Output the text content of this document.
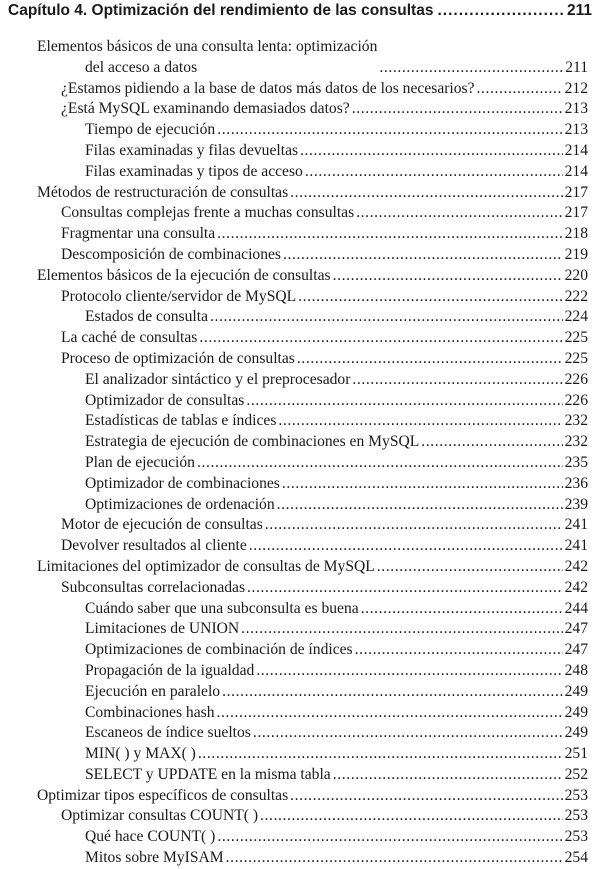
Capítulo 4. Optimización del rendimiento de las consultas .....	211
Elementos básicos de una consulta lenta: optimización
del acceso a datos .....	211
¿Estamos pidiendo a la base de datos más datos de los necesarios? .....	212
¿Está MySQL examinando demasiados datos? .....	213
Tiempo de ejecución .....	213
Filas examinadas y filas devueltas .....	214
Filas examinadas y tipos de acceso .....	214
Métodos de restructuración de consultas .....	217
Consultas complejas frente a muchas consultas .....	217
Fragmentar una consulta .....	218
Descomposición de combinaciones .....	219
Elementos básicos de la ejecución de consultas .....	220
Protocolo cliente/servidor de MySQL .....	222
Estados de consulta .....	224
La caché de consultas .....	225
Proceso de optimización de consultas .....	225
El analizador sintáctico y el preprocesador .....	226
Optimizador de consultas .....	226
Estadísticas de tablas e índices .....	232
Estrategia de ejecución de combinaciones en MySQL .....	232
Plan de ejecución .....	235
Optimizador de combinaciones .....	236
Optimizaciones de ordenación .....	239
Motor de ejecución de consultas .....	241
Devolver resultados al cliente .....	241
Limitaciones del optimizador de consultas de MySQL .....	242
Subconsultas correlacionadas .....	242
Cuándo saber que una subconsulta es buena .....	244
Limitaciones de UNION .....	247
Optimizaciones de combinación de índices .....	247
Propagación de la igualdad .....	248
Ejecución en paralelo .....	249
Combinaciones hash .....	249
Escaneos de índice sueltos .....	249
MIN( ) y MAX( ) .....	251
SELECT y UPDATE en la misma tabla .....	252
Optimizar tipos específicos de consultas .....	253
Optimizar consultas COUNT( ) .....	253
Qué hace COUNT( ) .....	253
Mitos sobre MyISAM .....	254
